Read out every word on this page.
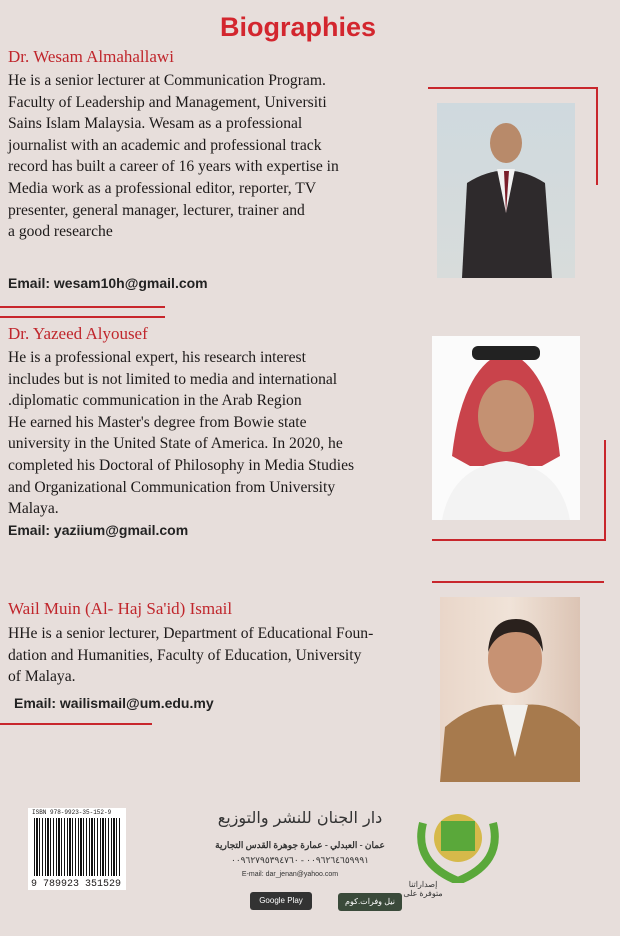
Biographies
Dr. Wesam Almahallawi
He is a senior lecturer at Communication Program.
Faculty of Leadership and Management, Universiti
Sains Islam Malaysia. Wesam as a professional
journalist with an academic and professional track
record has built a career of 16 years with expertise in
Media work as a professional editor, reporter, TV
presenter, general manager, lecturer, trainer and
a good researche
Email: wesam10h@gmail.com
Dr. Yazeed Alyousef
He is a professional expert, his research interest
includes but is not limited to media and international
.diplomatic communication in the Arab Region
He earned his Master's degree from Bowie state
university in the United State of America. In 2020, he
completed his Doctoral of Philosophy in Media Studies
and Organizational Communication from University
Malaya.
Email: yaziium@gmail.com
Wail Muin (Al- Haj Sa'id) Ismail
HHe is a senior lecturer, Department of Educational Foun-
dation and Humanities, Faculty of Education, University
of Malaya.
Email: wailismail@um.edu.my
ISBN 978-9923-35-152-9
9 789923 351529
دار الجنان للنشر والتوزيع
عمان - العبدلي - عمارة جوهرة القدس التجارية
٠٠٩٦٢٦٤٦٥٩٩٩١ - ٠٠٩٦٢٧٩٥٣٩٤٧٦٠
E-mail: dar_jenan@yahoo.com
Google Play	نيل وفرات.كوم
إصداراتنا متوفرة على
